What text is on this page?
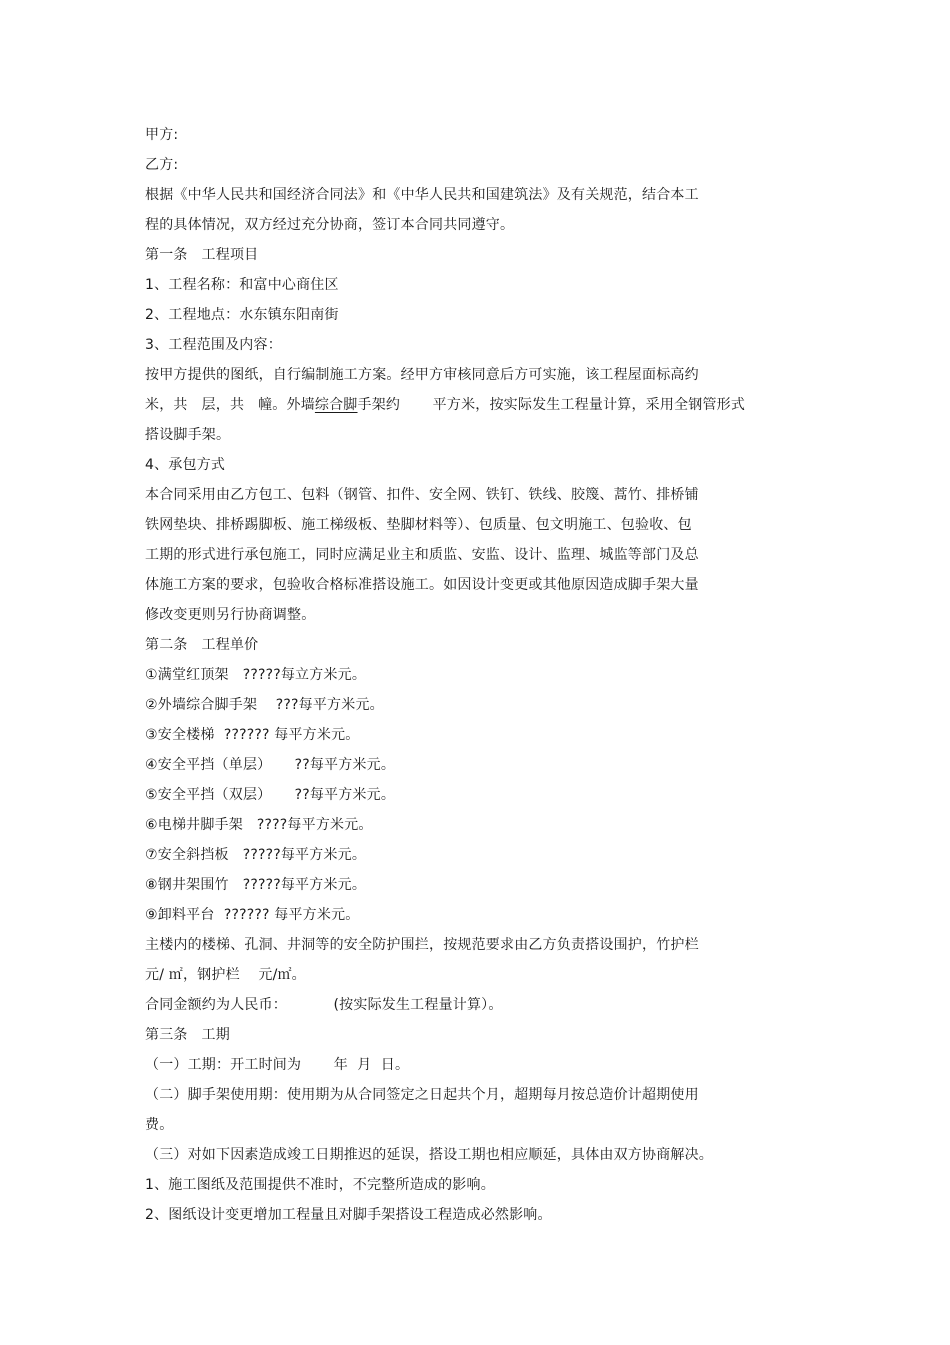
甲方:
乙方:
根据《中华人民共和国经济合同法》和《中华人民共和国建筑法》及有关规范，结合本工
程的具体情况，双方经过充分协商，签订本合同共同遵守。
第一条   工程项目
1、工程名称：和富中心商住区
2、工程地点：水东镇东阳南街
3、工程范围及内容：
按甲方提供的图纸，自行编制施工方案。经甲方审核同意后方可实施，该工程屋面标高约
米，共   层，共   幢。外墙综合脚手架约       平方米，按实际发生工程量计算，采用全钢管形式
搭设脚手架。
4、承包方式
本合同采用由乙方包工、包料（钢管、扣件、安全网、铁钉、铁线、胶篾、蒿竹、排桥铺
铁网垫块、排桥踢脚板、施工梯级板、垫脚材料等）、包质量、包文明施工、包验收、包
工期的形式进行承包施工，同时应满足业主和质监、安监、设计、监理、城监等部门及总
体施工方案的要求，包验收合格标准搭设施工。如因设计变更或其他原因造成脚手架大量
修改变更则另行协商调整。
第二条   工程单价
①满堂红顶架   ?????每立方米元。
②外墙综合脚手架    ???每平方米元。
③安全楼梯  ?????? 每平方米元。
④安全平挡（单层）     ??每平方米元。
⑤安全平挡（双层）     ??每平方米元。
⑥电梯井脚手架   ????每平方米元。
⑦安全斜挡板   ?????每平方米元。
⑧钢井架围竹   ?????每平方米元。
⑨卸料平台  ?????? 每平方米元。
主楼内的楼梯、孔洞、井洞等的安全防护围拦，按规范要求由乙方负责搭设围护，竹护栏
元/ ㎡，钢护栏    元/㎡。
合同金额约为人民币：          (按实际发生工程量计算）。
第三条   工期
（一）工期：开工时间为       年  月  日。
（二）脚手架使用期：使用期为从合同签定之日起共个月，超期每月按总造价计超期使用
费。
（三）对如下因素造成竣工日期推迟的延误，搭设工期也相应顺延，具体由双方协商解决。
1、施工图纸及范围提供不准时，不完整所造成的影响。
2、图纸设计变更增加工程量且对脚手架搭设工程造成必然影响。
